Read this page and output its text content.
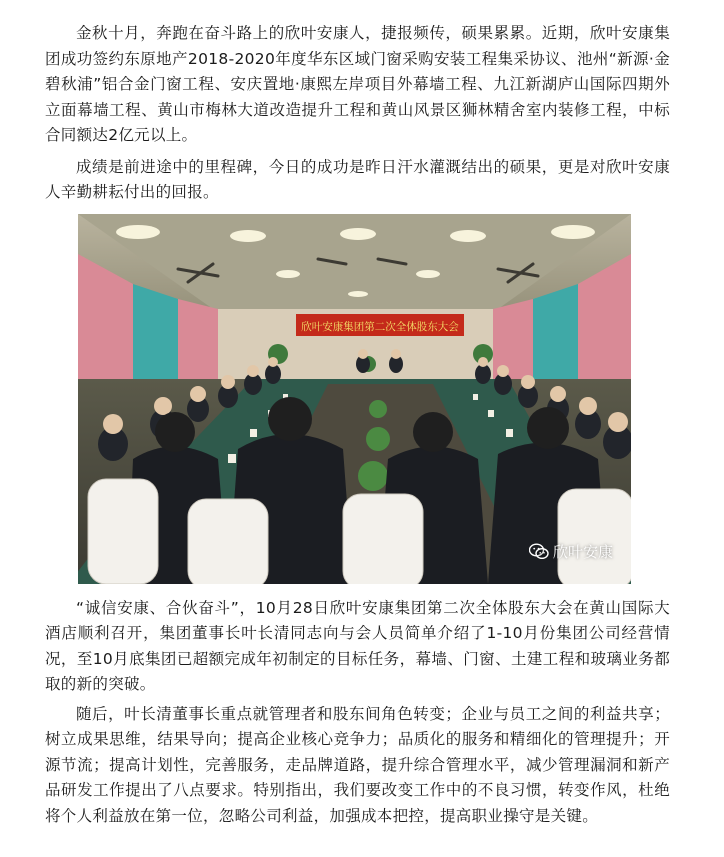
金秋十月，奔跑在奋斗路上的欣叶安康人，捷报频传，硕果累累。近期，欣叶安康集团成功签约东原地产2018-2020年度华东区域门窗采购安装工程集采协议、池州“新源·金碧秋浦”铝合金门窗工程、安庆置地·康熙左岸项目外幕墙工程、九江新湖庐山国际四期外立面幕墙工程、黄山市梅林大道改造提升工程和黄山风景区狮林精舍室内装修工程，中标合同额达2亿元以上。

成绩是前进途中的里程碑，今日的成功是昨日汗水灌溉结出的硕果，更是对欣叶安康人辛勤耕耘付出的回报。

欣叶安康集团第二次全体股东大会
欣叶安康

“诚信安康、合伙奋斗”，10月28日欣叶安康集团第二次全体股东大会在黄山国际大酒店顺利召开，集团董事长叶长清同志向与会人员简单介绍了1-10月份集团公司经营情况，至10月底集团已超额完成年初制定的目标任务，幕墙、门窗、土建工程和玻璃业务都取的新的突破。

随后，叶长清董事长重点就管理者和股东间角色转变；企业与员工之间的利益共享；树立成果思维，结果导向；提高企业核心竞争力；品质化的服务和精细化的管理提升；开源节流；提高计划性，完善服务，走品牌道路，提升综合管理水平，减少管理漏洞和新产品研发工作提出了八点要求。特别指出，我们要改变工作中的不良习惯，转变作风，杜绝将个人利益放在第一位，忽略公司利益，加强成本把控，提高职业操守是关键。
